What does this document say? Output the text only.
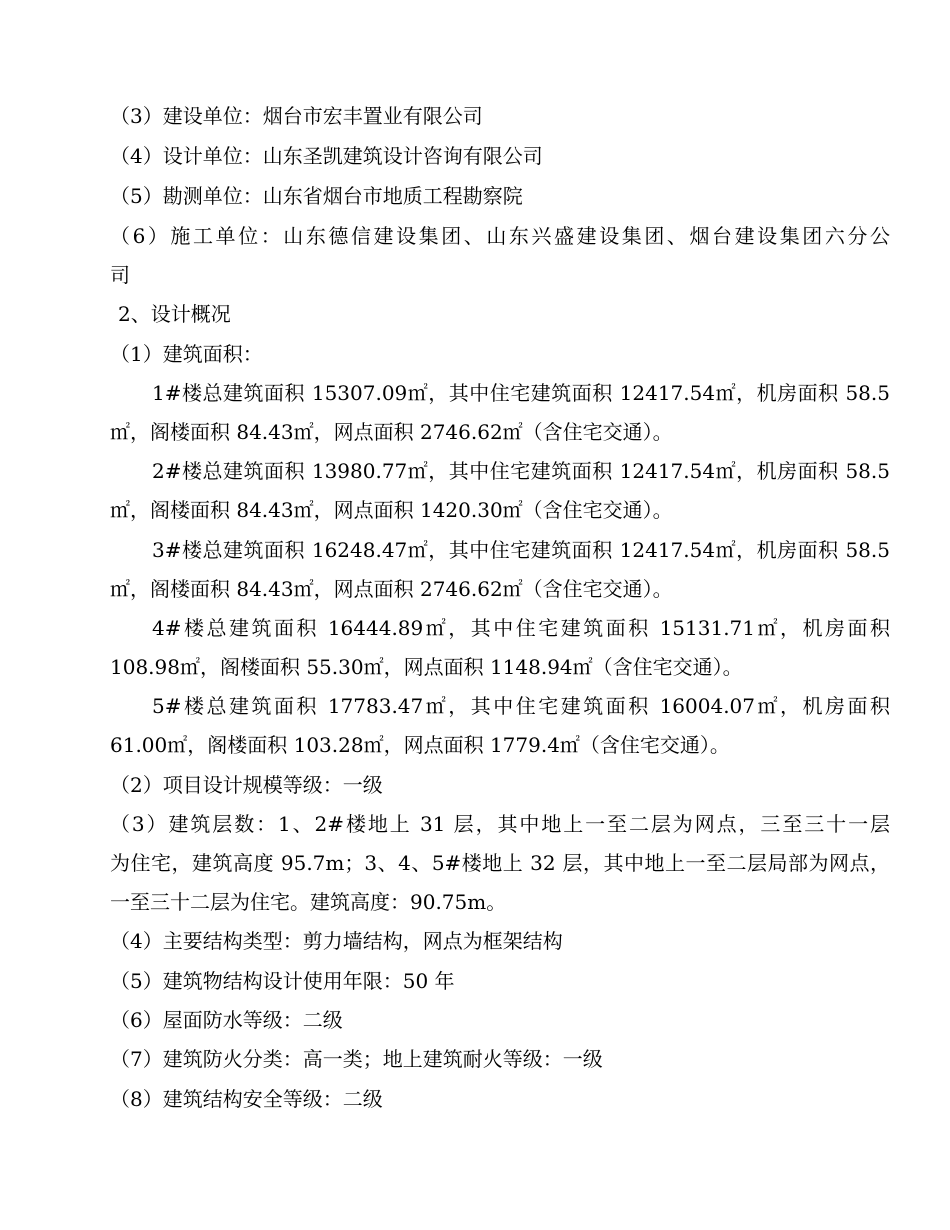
（3）建设单位：烟台市宏丰置业有限公司
（4）设计单位：山东圣凯建筑设计咨询有限公司
（5）勘测单位：山东省烟台市地质工程勘察院
（6）施工单位：山东德信建设集团、山东兴盛建设集团、烟台建设集团六分公
司
2、设计概况
（1）建筑面积：
1#楼总建筑面积 15307.09㎡，其中住宅建筑面积 12417.54㎡，机房面积 58.5
㎡，阁楼面积 84.43㎡，网点面积 2746.62㎡（含住宅交通）。
2#楼总建筑面积 13980.77㎡，其中住宅建筑面积 12417.54㎡，机房面积 58.5
㎡，阁楼面积 84.43㎡，网点面积 1420.30㎡（含住宅交通）。
3#楼总建筑面积 16248.47㎡，其中住宅建筑面积 12417.54㎡，机房面积 58.5
㎡，阁楼面积 84.43㎡，网点面积 2746.62㎡（含住宅交通）。
4#楼总建筑面积 16444.89㎡，其中住宅建筑面积 15131.71㎡，机房面积
108.98㎡，阁楼面积 55.30㎡，网点面积 1148.94㎡（含住宅交通）。
5#楼总建筑面积 17783.47㎡，其中住宅建筑面积 16004.07㎡，机房面积
61.00㎡，阁楼面积 103.28㎡，网点面积 1779.4㎡（含住宅交通）。
（2）项目设计规模等级：一级
（3）建筑层数：1、2#楼地上 31 层，其中地上一至二层为网点，三至三十一层
为住宅，建筑高度 95.7m；3、4、5#楼地上 32 层，其中地上一至二层局部为网点，
一至三十二层为住宅。建筑高度：90.75m。
（4）主要结构类型：剪力墙结构，网点为框架结构
（5）建筑物结构设计使用年限：50 年
（6）屋面防水等级：二级
（7）建筑防火分类：高一类；地上建筑耐火等级：一级
（8）建筑结构安全等级：二级
